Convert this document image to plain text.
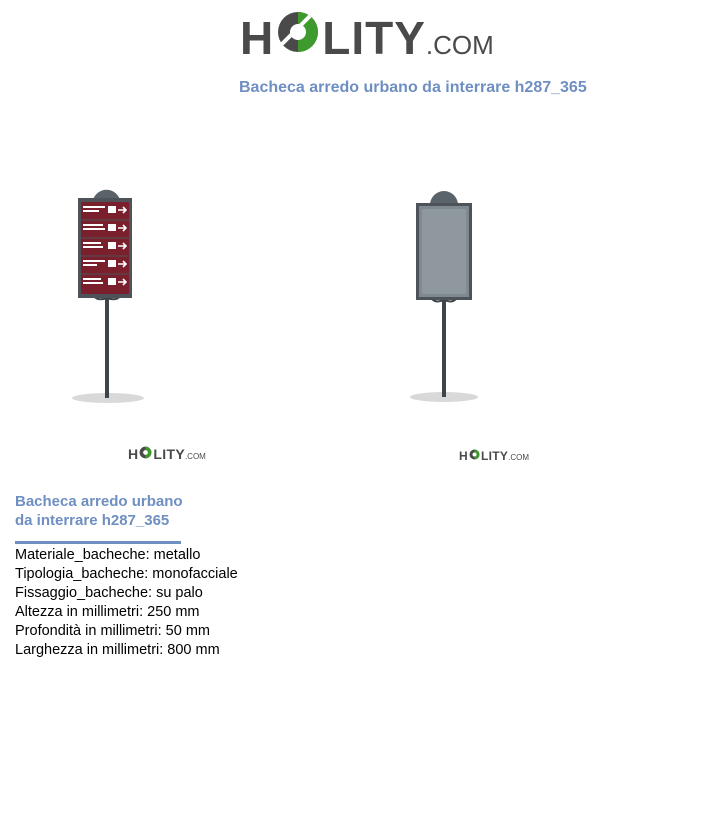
H LITY .COM
Bacheca arredo urbano da interrare h287_365
H LITY .COM	H LITY .COM
Bacheca arredo urbano
da interrare h287_365
Materiale_bacheche: metallo
Tipologia_bacheche: monofacciale
Fissaggio_bacheche: su palo
Altezza in millimetri: 250 mm
Profondità in millimetri: 50 mm
Larghezza in millimetri: 800 mm
